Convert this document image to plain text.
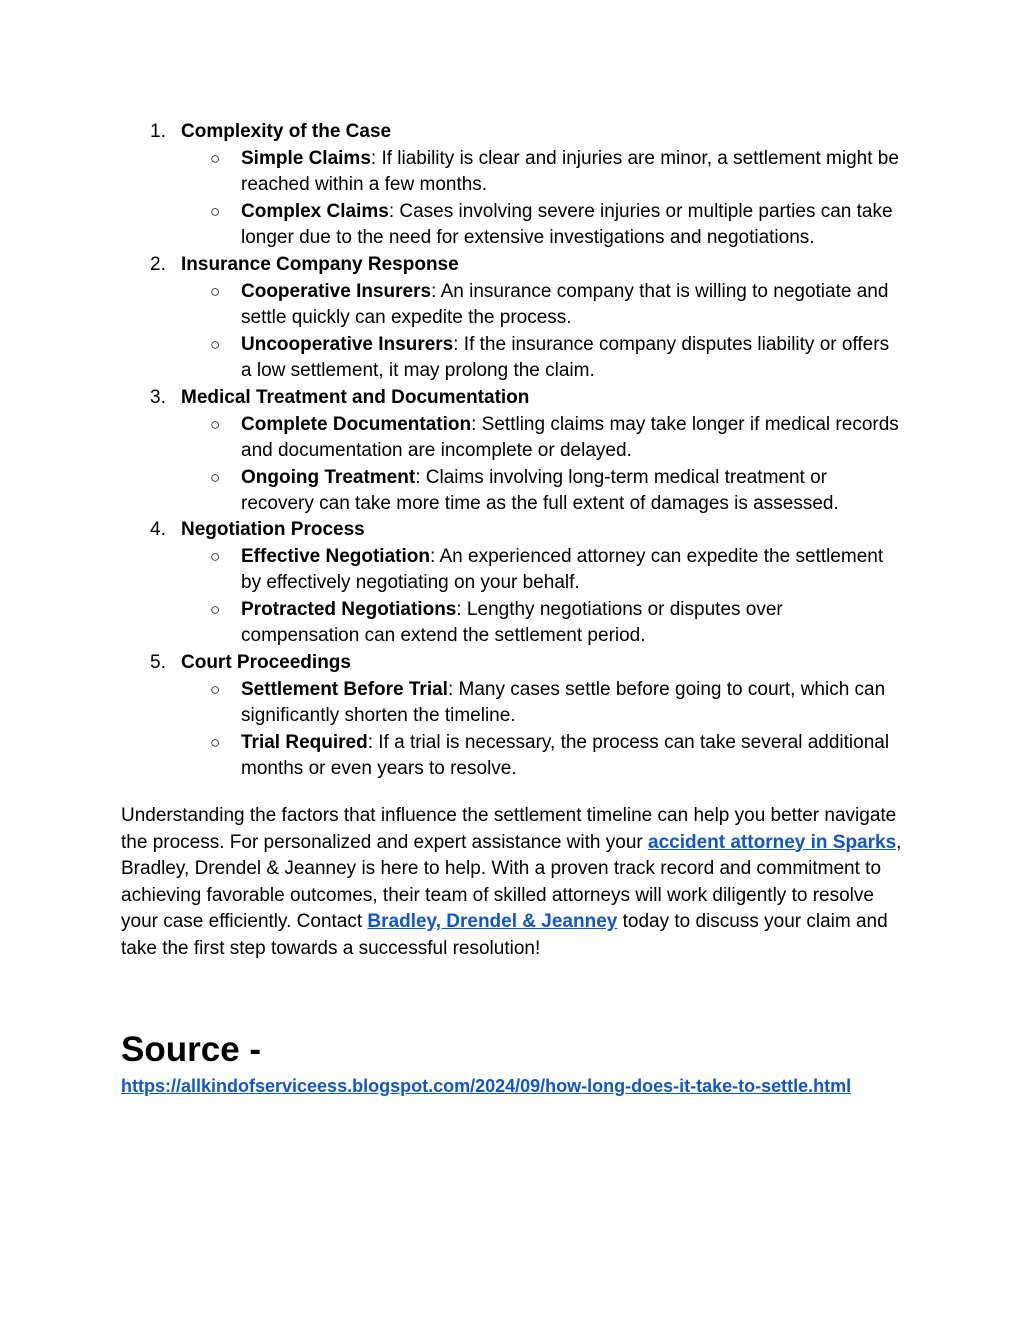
1. Complexity of the Case
○ Simple Claims: If liability is clear and injuries are minor, a settlement might be reached within a few months.
○ Complex Claims: Cases involving severe injuries or multiple parties can take longer due to the need for extensive investigations and negotiations.
2. Insurance Company Response
○ Cooperative Insurers: An insurance company that is willing to negotiate and settle quickly can expedite the process.
○ Uncooperative Insurers: If the insurance company disputes liability or offers a low settlement, it may prolong the claim.
3. Medical Treatment and Documentation
○ Complete Documentation: Settling claims may take longer if medical records and documentation are incomplete or delayed.
○ Ongoing Treatment: Claims involving long-term medical treatment or recovery can take more time as the full extent of damages is assessed.
4. Negotiation Process
○ Effective Negotiation: An experienced attorney can expedite the settlement by effectively negotiating on your behalf.
○ Protracted Negotiations: Lengthy negotiations or disputes over compensation can extend the settlement period.
5. Court Proceedings
○ Settlement Before Trial: Many cases settle before going to court, which can significantly shorten the timeline.
○ Trial Required: If a trial is necessary, the process can take several additional months or even years to resolve.

Understanding the factors that influence the settlement timeline can help you better navigate the process. For personalized and expert assistance with your accident attorney in Sparks, Bradley, Drendel & Jeanney is here to help. With a proven track record and commitment to achieving favorable outcomes, their team of skilled attorneys will work diligently to resolve your case efficiently. Contact Bradley, Drendel & Jeanney today to discuss your claim and take the first step towards a successful resolution!

Source -
https://allkindofserviceess.blogspot.com/2024/09/how-long-does-it-take-to-settle.html
